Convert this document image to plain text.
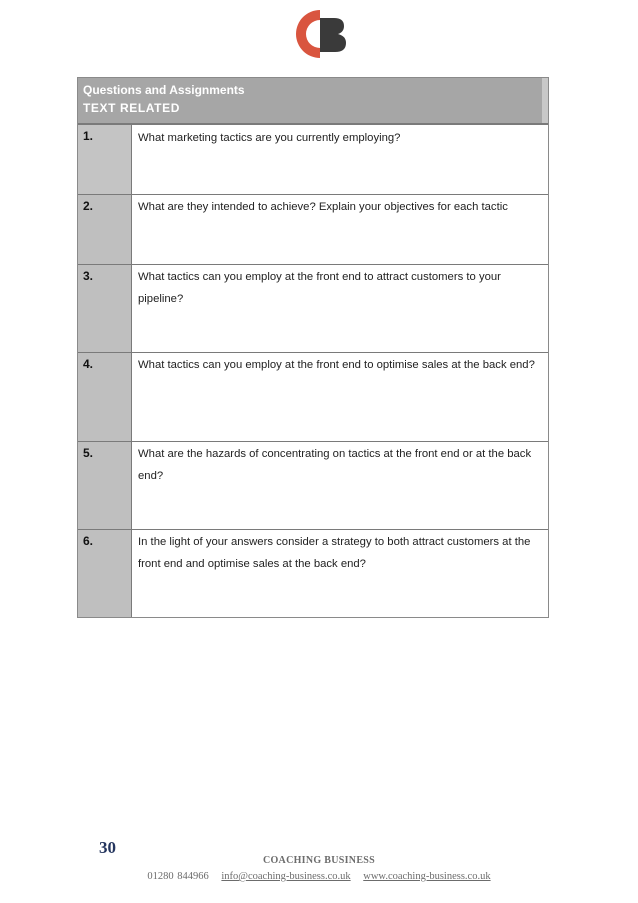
Questions and Assignments
TEXT RELATED
1.	What marketing tactics are you currently employing?
2.	What are they intended to achieve? Explain your objectives for each tactic
3.	What tactics can you employ at the front end to attract customers to your pipeline?
4.	What tactics can you employ at the front end to optimise sales at the back end?
5.	What are the hazards of concentrating on tactics at the front end or at the back end?
6.	In the light of your answers consider a strategy to both attract customers at the front end and optimise sales at the back end?
30
COACHING BUSINESS
01280 844966 info@coaching-business.co.uk www.coaching-business.co.uk
